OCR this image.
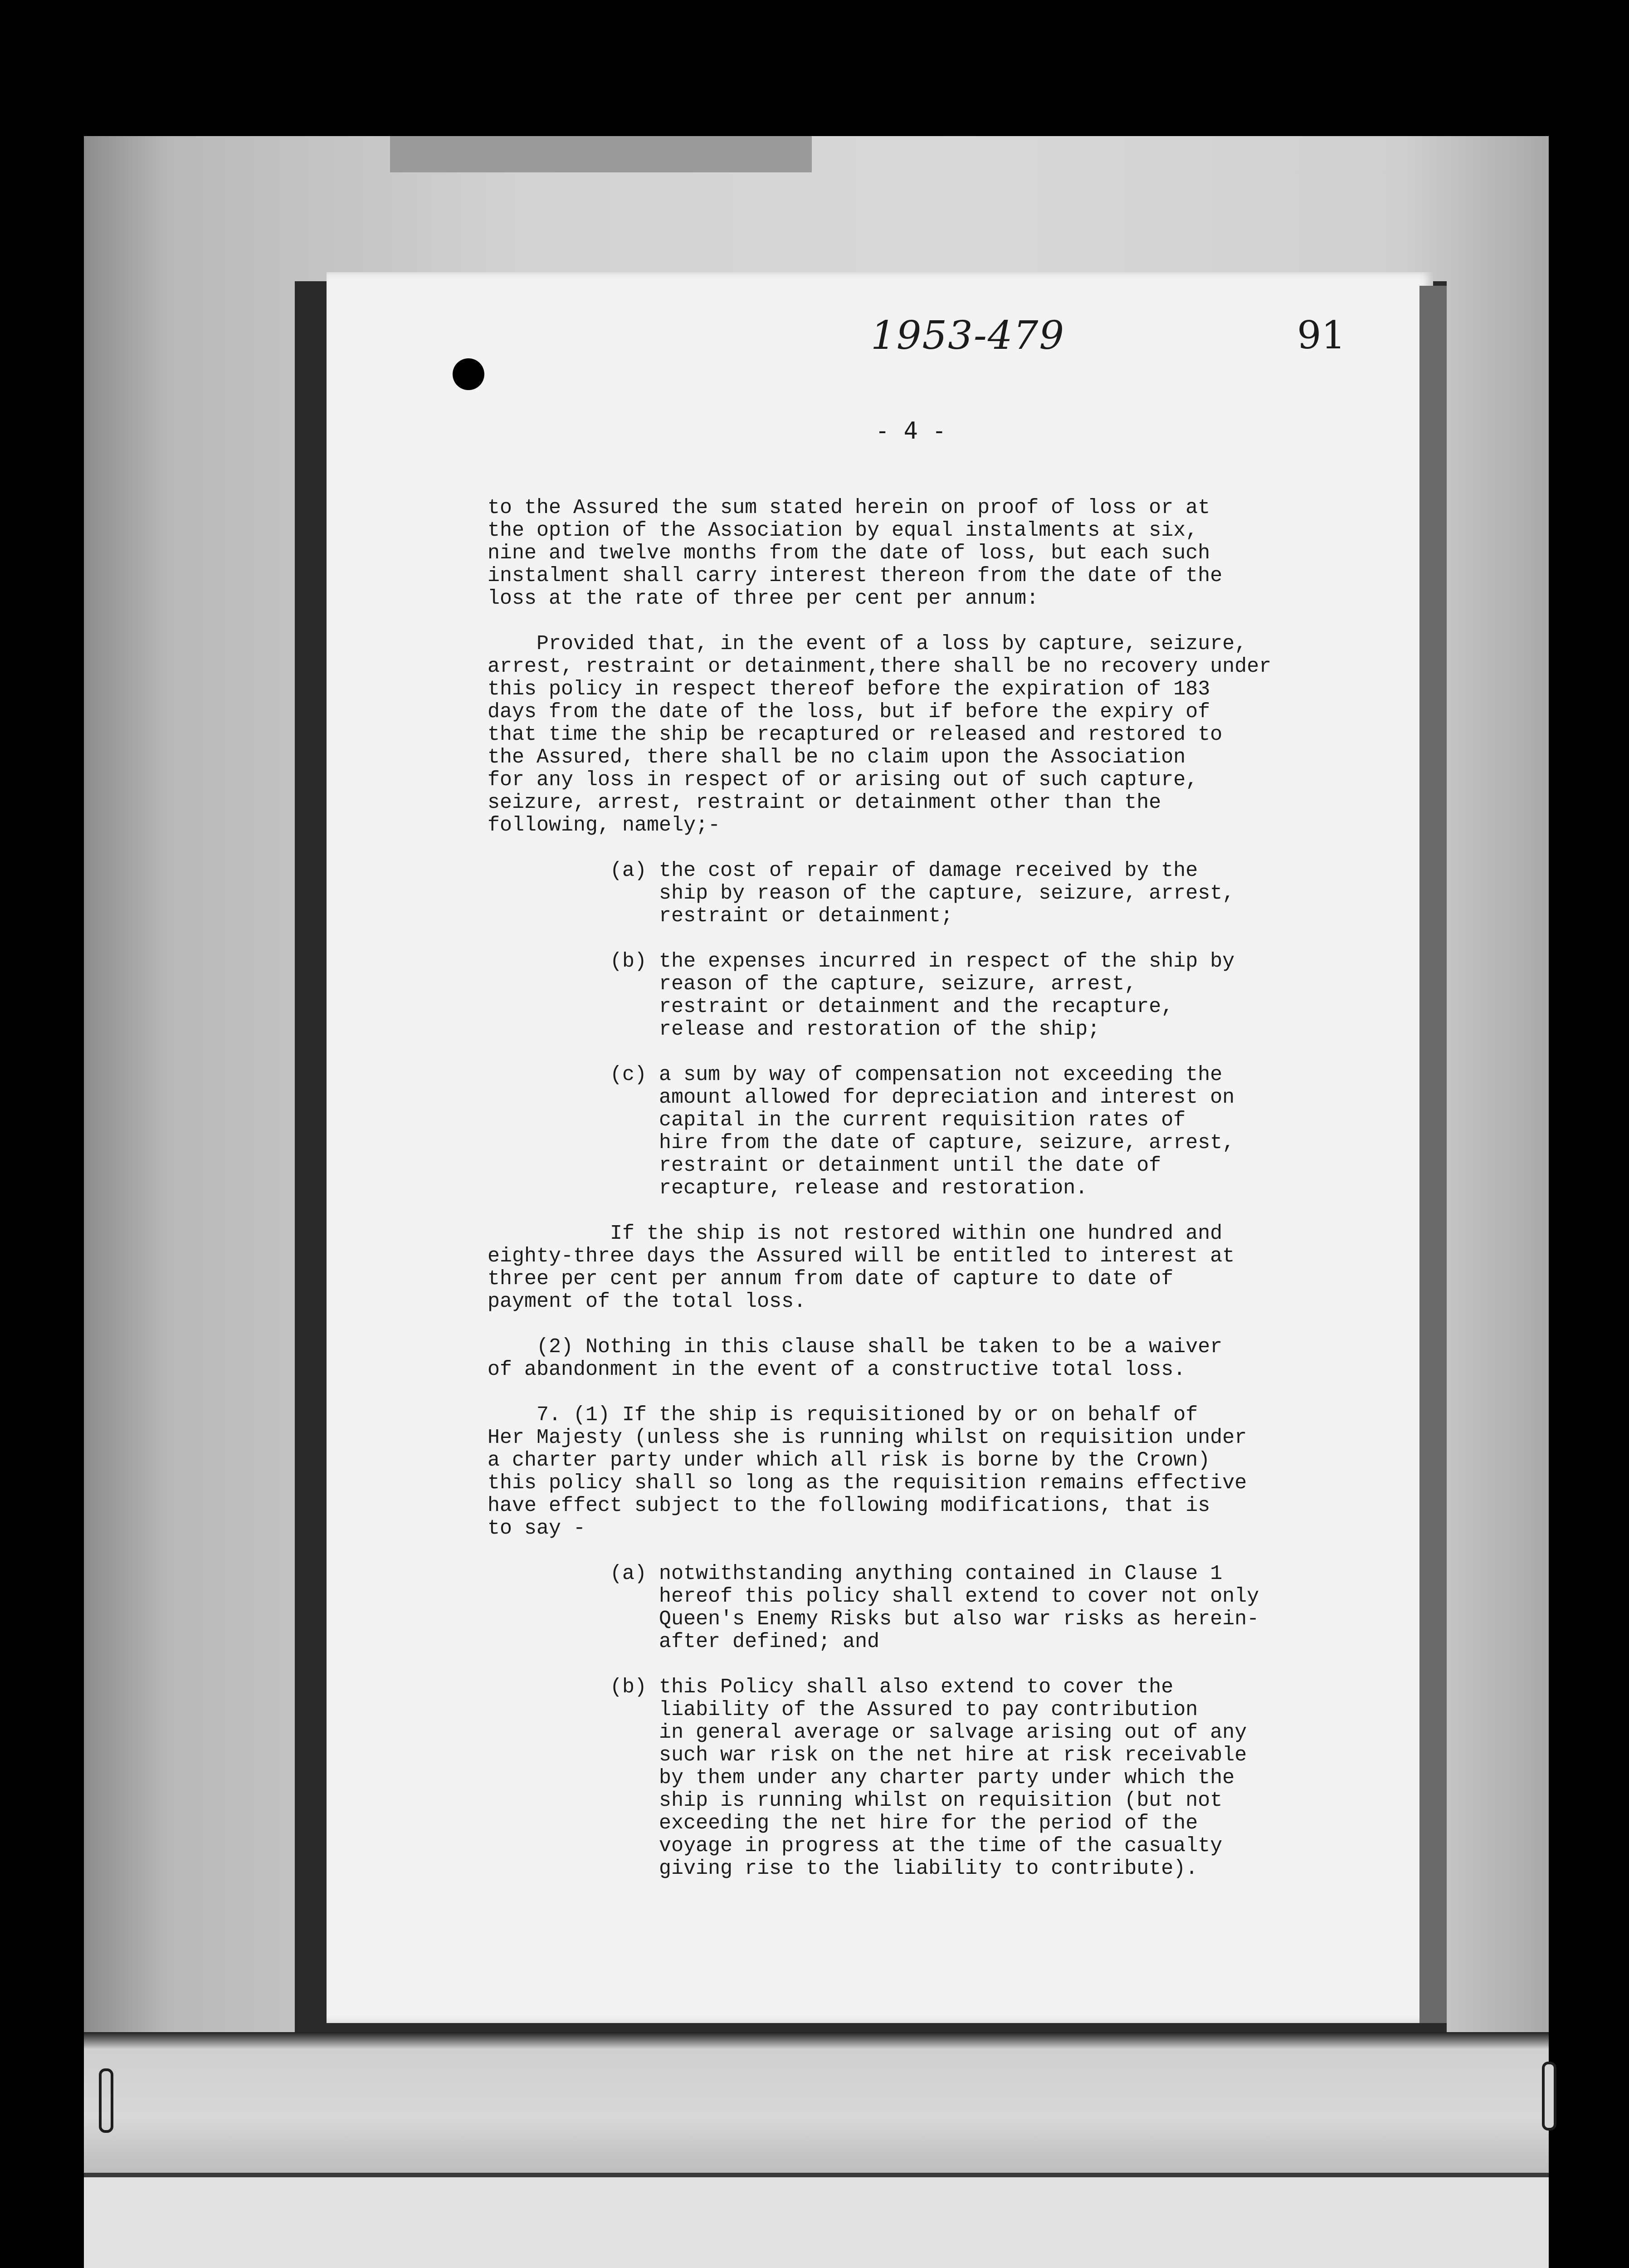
1953-479	91
- 4 -

to the Assured the sum stated herein on proof of loss or at
the option of the Association by equal instalments at six,
nine and twelve months from the date of loss, but each such
instalment shall carry interest thereon from the date of the
loss at the rate of three per cent per annum:

Provided that, in the event of a loss by capture, seizure,
arrest, restraint or detainment,there shall be no recovery under
this policy in respect thereof before the expiration of 183
days from the date of the loss, but if before the expiry of
that time the ship be recaptured or released and restored to
the Assured, there shall be no claim upon the Association
for any loss in respect of or arising out of such capture,
seizure, arrest, restraint or detainment other than the
following, namely;-

(a) the cost of repair of damage received by the
ship by reason of the capture, seizure, arrest,
restraint or detainment;

(b) the expenses incurred in respect of the ship by
reason of the capture, seizure, arrest,
restraint or detainment and the recapture,
release and restoration of the ship;

(c) a sum by way of compensation not exceeding the
amount allowed for depreciation and interest on
capital in the current requisition rates of
hire from the date of capture, seizure, arrest,
restraint or detainment until the date of
recapture, release and restoration.

If the ship is not restored within one hundred and
eighty-three days the Assured will be entitled to interest at
three per cent per annum from date of capture to date of
payment of the total loss.

(2) Nothing in this clause shall be taken to be a waiver
of abandonment in the event of a constructive total loss.

7. (1) If the ship is requisitioned by or on behalf of
Her Majesty (unless she is running whilst on requisition under
a charter party under which all risk is borne by the Crown)
this policy shall so long as the requisition remains effective
have effect subject to the following modifications, that is
to say -

(a) notwithstanding anything contained in Clause 1
hereof this policy shall extend to cover not only
Queen's Enemy Risks but also war risks as herein-
after defined; and

(b) this Policy shall also extend to cover the
liability of the Assured to pay contribution
in general average or salvage arising out of any
such war risk on the net hire at risk receivable
by them under any charter party under which the
ship is running whilst on requisition (but not
exceeding the net hire for the period of the
voyage in progress at the time of the casualty
giving rise to the liability to contribute).
